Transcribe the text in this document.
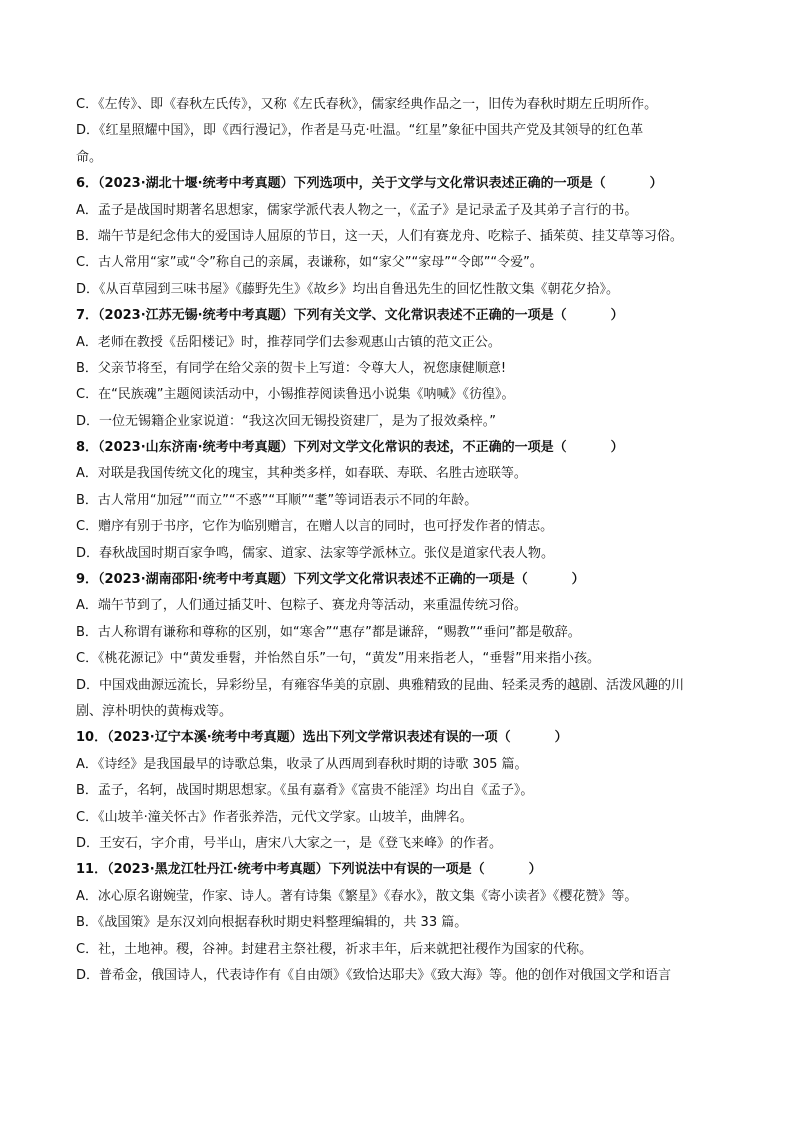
C．《左传》、即《春秋左氏传》，又称《左氏春秋》，儒家经典作品之一，旧传为春秋时期左丘明所作。
D．《红星照耀中国》，即《西行漫记》，作者是马克·吐温。“红星”象征中国共产党及其领导的红色革
命。
6．（2023·湖北十堰·统考中考真题）下列选项中，关于文学与文化常识表述正确的一项是（	）
A．孟子是战国时期著名思想家，儒家学派代表人物之一，《孟子》是记录孟子及其弟子言行的书。
B．端午节是纪念伟大的爱国诗人屈原的节日，这一天，人们有赛龙舟、吃粽子、插茱萸、挂艾草等习俗。
C．古人常用“家”或“令”称自己的亲属，表谦称，如“家父”“家母”“令郎”“令爱”。
D．《从百草园到三味书屋》《藤野先生》《故乡》均出自鲁迅先生的回忆性散文集《朝花夕拾》。
7．（2023·江苏无锡·统考中考真题）下列有关文学、文化常识表述不正确的一项是（	）
A．老师在教授《岳阳楼记》时，推荐同学们去参观惠山古镇的范文正公。
B．父亲节将至，有同学在给父亲的贺卡上写道：令尊大人，祝您康健顺意!
C．在“民族魂”主题阅读活动中，小锡推荐阅读鲁迅小说集《呐喊》《彷徨》。
D．一位无锡籍企业家说道：“我这次回无锡投资建厂，是为了报效桑梓。”
8．（2023·山东济南·统考中考真题）下列对文学文化常识的表述，不正确的一项是（	）
A．对联是我国传统文化的瑰宝，其种类多样，如春联、寿联、名胜古迹联等。
B．古人常用“加冠”“而立”“不惑”“耳顺”“耄”等词语表示不同的年龄。
C．赠序有别于书序，它作为临别赠言，在赠人以言的同时，也可抒发作者的情志。
D．春秋战国时期百家争鸣，儒家、道家、法家等学派林立。张仪是道家代表人物。
9．（2023·湖南邵阳·统考中考真题）下列文学文化常识表述不正确的一项是（	）
A．端午节到了，人们通过插艾叶、包粽子、赛龙舟等活动，来重温传统习俗。
B．古人称谓有谦称和尊称的区别，如“寒舍”“惠存”都是谦辞，“赐教”“垂问”都是敬辞。
C．《桃花源记》中“黄发垂髫，并怡然自乐”一句，“黄发”用来指老人，“垂髫”用来指小孩。
D．中国戏曲源远流长，异彩纷呈，有雍容华美的京剧、典雅精致的昆曲、轻柔灵秀的越剧、活泼风趣的川
剧、淳朴明快的黄梅戏等。
10．（2023·辽宁本溪·统考中考真题）选出下列文学常识表述有误的一项（	）
A．《诗经》是我国最早的诗歌总集，收录了从西周到春秋时期的诗歌 305 篇。
B．孟子，名轲，战国时期思想家。《虽有嘉肴》《富贵不能淫》均出自《孟子》。
C．《山坡羊·潼关怀古》作者张养浩，元代文学家。山坡羊，曲牌名。
D．王安石，字介甫，号半山，唐宋八大家之一，是《登飞来峰》的作者。
11．（2023·黑龙江牡丹江·统考中考真题）下列说法中有误的一项是（	）
A．冰心原名谢婉莹，作家、诗人。著有诗集《繁星》《春水》，散文集《寄小读者》《樱花赞》等。
B．《战国策》是东汉刘向根据春秋时期史料整理编辑的，共 33 篇。
C．社，土地神。稷，谷神。封建君主祭社稷，祈求丰年，后来就把社稷作为国家的代称。
D．普希金，俄国诗人，代表诗作有《自由颂》《致恰达耶夫》《致大海》等。他的创作对俄国文学和语言
